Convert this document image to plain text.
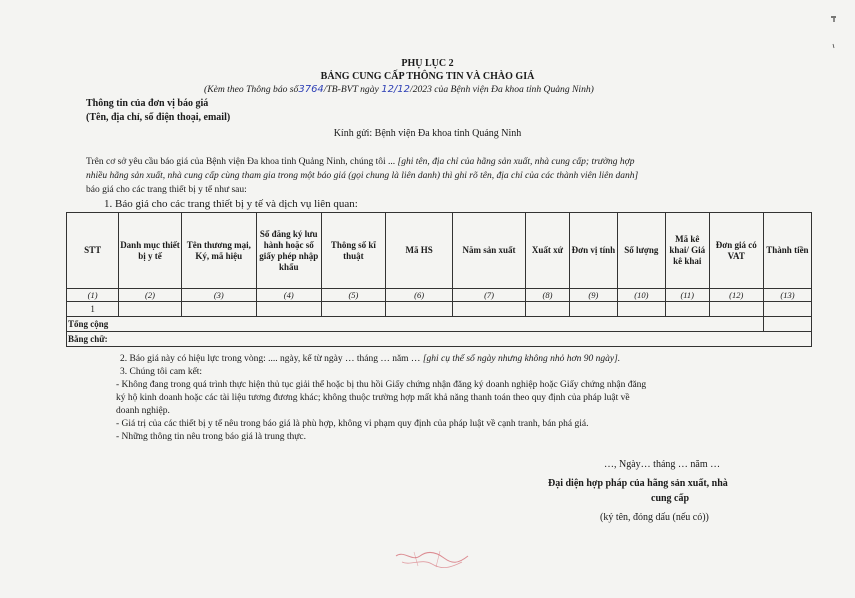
PHỤ LỤC 2
BẢNG CUNG CẤP THÔNG TIN VÀ CHÀO GIÁ
(Kèm theo Thông báo số3764/TB-BVT ngày 12/12/2023 của Bệnh viện Đa khoa tỉnh Quảng Ninh)
Thông tin của đơn vị báo giá
(Tên, địa chỉ, số điện thoại, email)
Kính gửi: Bệnh viện Đa khoa tỉnh Quảng Ninh
Trên cơ sở yêu cầu báo giá của Bệnh viện Đa khoa tỉnh Quảng Ninh, chúng tôi ... [ghi tên, địa chỉ của hãng sản xuất, nhà cung cấp; trường hợp
nhiều hãng sản xuất, nhà cung cấp cùng tham gia trong một báo giá (gọi chung là liên danh) thì ghi rõ tên, địa chỉ của các thành viên liên danh]
báo giá cho các trang thiết bị y tế như sau:
1. Báo giá cho các trang thiết bị y tế và dịch vụ liên quan:
STT	Danh mục thiết bị y tế	Tên thương mại, Ký, mã hiệu	Số đăng ký lưu hành hoặc số giấy phép nhập khẩu	Thông số kĩ thuật	Mã HS	Năm sản xuất	Xuất xứ	Đơn vị tính	Số lượng	Mã kê khai/ Giá kê khai	Đơn giá có VAT	Thành tiền
(1)	(2)	(3)	(4)	(5)	(6)	(7)	(8)	(9)	(10)	(11)	(12)	(13)
1												
Tổng cộng												
Bằng chữ:												
2. Báo giá này có hiệu lực trong vòng: .... ngày, kể từ ngày … tháng … năm … [ghi cụ thể số ngày nhưng không nhỏ hơn 90 ngày].
3. Chúng tôi cam kết:
- Không đang trong quá trình thực hiện thủ tục giải thể hoặc bị thu hồi Giấy chứng nhận đăng ký doanh nghiệp hoặc Giấy chứng nhận đăng
ký hộ kinh doanh hoặc các tài liệu tương đương khác; không thuộc trường hợp mất khả năng thanh toán theo quy định của pháp luật về
doanh nghiệp.
- Giá trị của các thiết bị y tế nêu trong báo giá là phù hợp, không vi phạm quy định của pháp luật về cạnh tranh, bán phá giá.
- Những thông tin nêu trong báo giá là trung thực.
…, Ngày… tháng … năm …
Đại diện hợp pháp của hãng sản xuất, nhà
cung cấp
(ký tên, đóng dấu (nếu có))
